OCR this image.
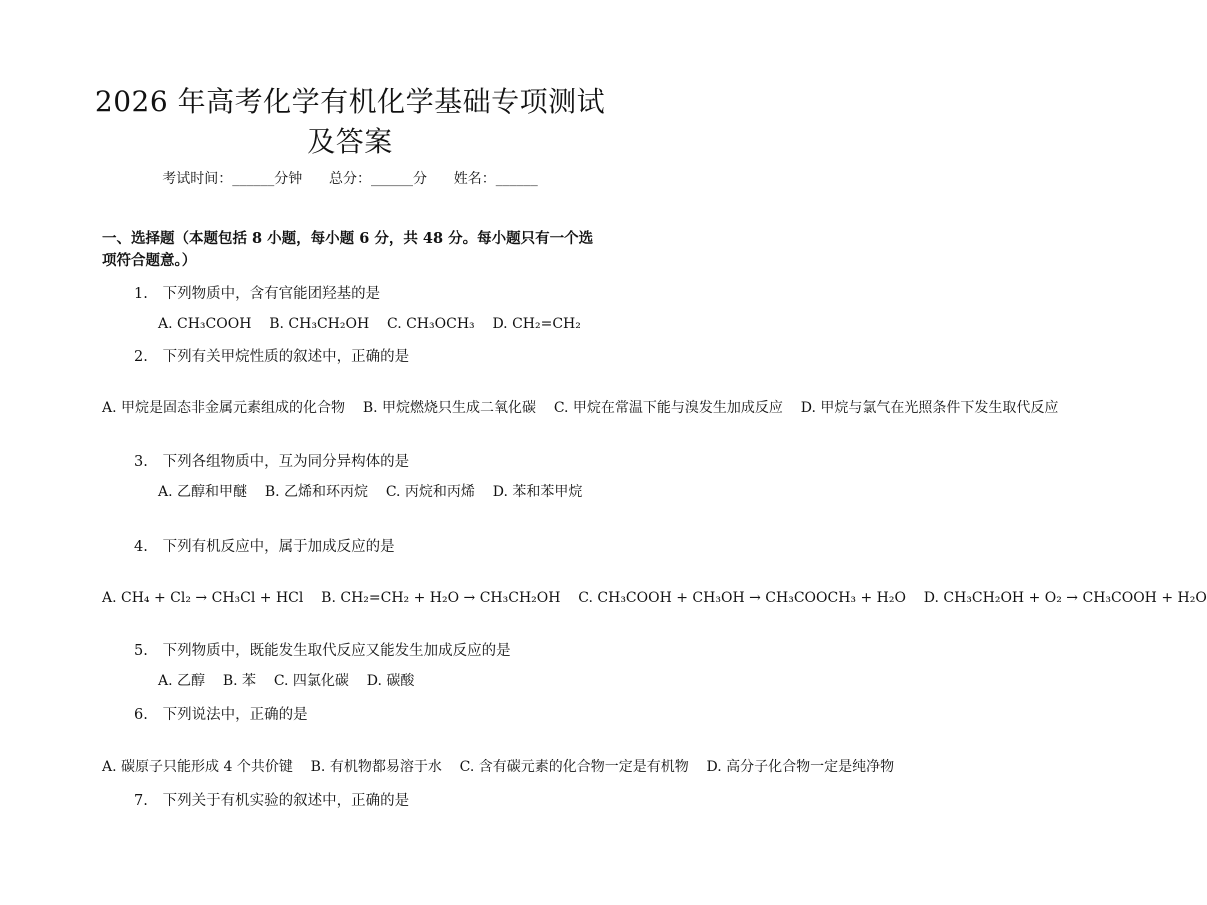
2026 年高考化学有机化学基础专项测试及答案
考试时间：______分钟      总分：______分      姓名：______
一、选择题（本题包括 8 小题，每小题 6 分，共 48 分。每小题只有一个选项符合题意。）
1. 下列物质中，含有官能团羟基的是
A. CH₃COOH    B. CH₃CH₂OH    C. CH₃OCH₃    D. CH₂=CH₂
2. 下列有关甲烷性质的叙述中，正确的是
A. 甲烷是固态非金属元素组成的化合物    B. 甲烷燃烧只生成二氧化碳    C. 甲烷在常温下能与溴发生加成反应    D. 甲烷与氯气在光照条件下发生取代反应
3. 下列各组物质中，互为同分异构体的是
A. 乙醇和甲醚    B. 乙烯和环丙烷    C. 丙烷和丙烯    D. 苯和苯甲烷
4. 下列有机反应中，属于加成反应的是
A. CH₄ + Cl₂ → CH₃Cl + HCl    B. CH₂=CH₂ + H₂O → CH₃CH₂OH    C. CH₃COOH + CH₃OH → CH₃COOCH₃ + H₂O    D. CH₃CH₂OH + O₂ → CH₃COOH + H₂O
5. 下列物质中，既能发生取代反应又能发生加成反应的是
A. 乙醇    B. 苯    C. 四氯化碳    D. 碳酸
6. 下列说法中，正确的是
A. 碳原子只能形成 4 个共价键    B. 有机物都易溶于水    C. 含有碳元素的化合物一定是有机物    D. 高分子化合物一定是纯净物
7. 下列关于有机实验的叙述中，正确的是
